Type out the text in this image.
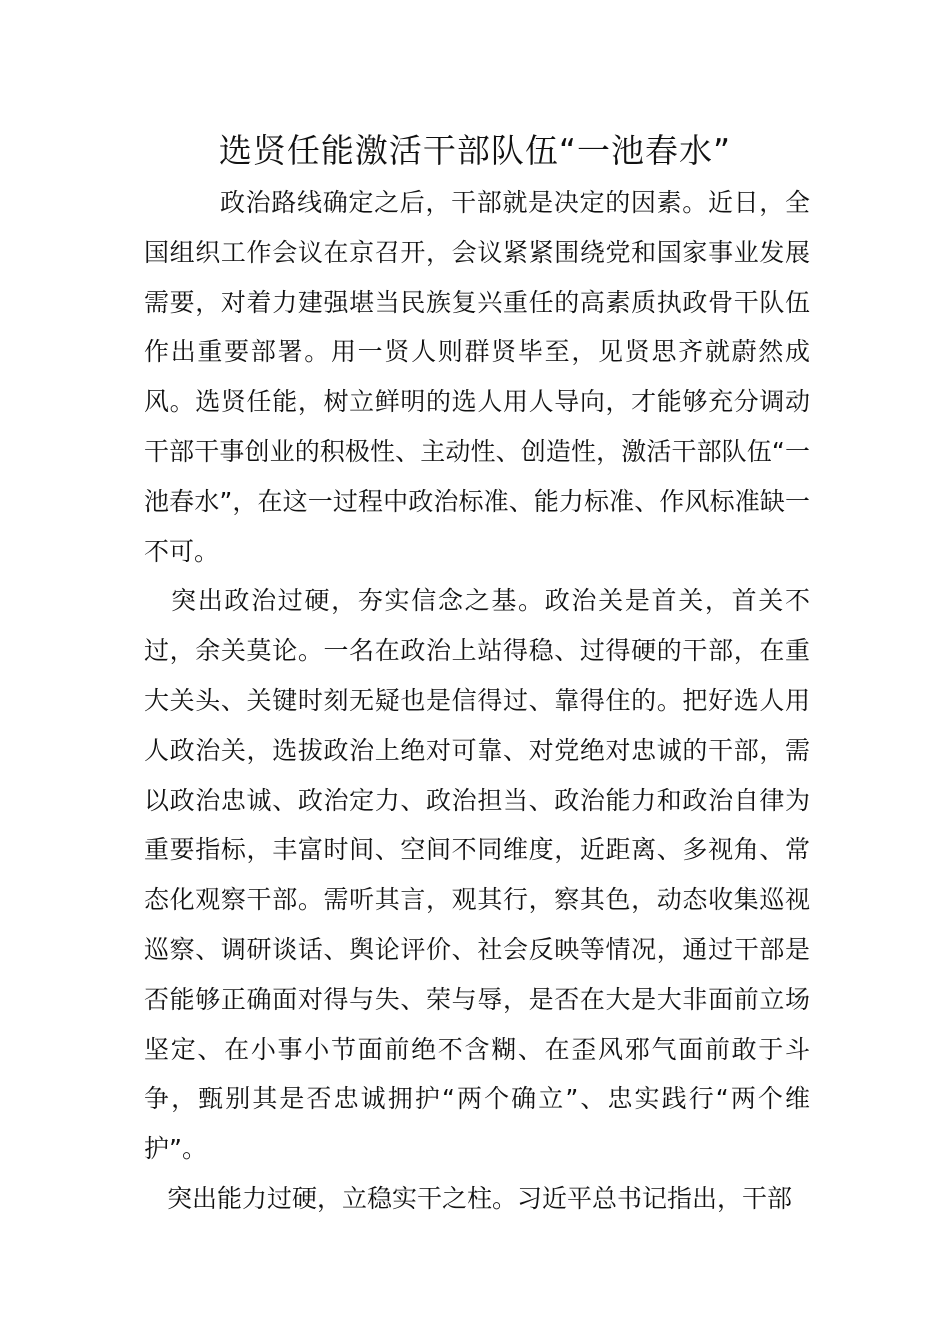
选贤任能激活干部队伍“一池春水”

政治路线确定之后，干部就是决定的因素。近日，全国组织工作会议在京召开，会议紧紧围绕党和国家事业发展需要，对着力建强堪当民族复兴重任的高素质执政骨干队伍作出重要部署。用一贤人则群贤毕至，见贤思齐就蔚然成风。选贤任能，树立鲜明的选人用人导向，才能够充分调动干部干事创业的积极性、主动性、创造性，激活干部队伍“一池春水”，在这一过程中政治标准、能力标准、作风标准缺一不可。

突出政治过硬，夯实信念之基。政治关是首关，首关不过，余关莫论。一名在政治上站得稳、过得硬的干部，在重大关头、关键时刻无疑也是信得过、靠得住的。把好选人用人政治关，选拔政治上绝对可靠、对党绝对忠诚的干部，需以政治忠诚、政治定力、政治担当、政治能力和政治自律为重要指标，丰富时间、空间不同维度，近距离、多视角、常态化观察干部。需听其言，观其行，察其色，动态收集巡视巡察、调研谈话、舆论评价、社会反映等情况，通过干部是否能够正确面对得与失、荣与辱，是否在大是大非面前立场坚定、在小事小节面前绝不含糊、在歪风邪气面前敢于斗争，甄别其是否忠诚拥护“两个确立”、忠实践行“两个维护”。

突出能力过硬，立稳实干之柱。习近平总书记指出，干部
